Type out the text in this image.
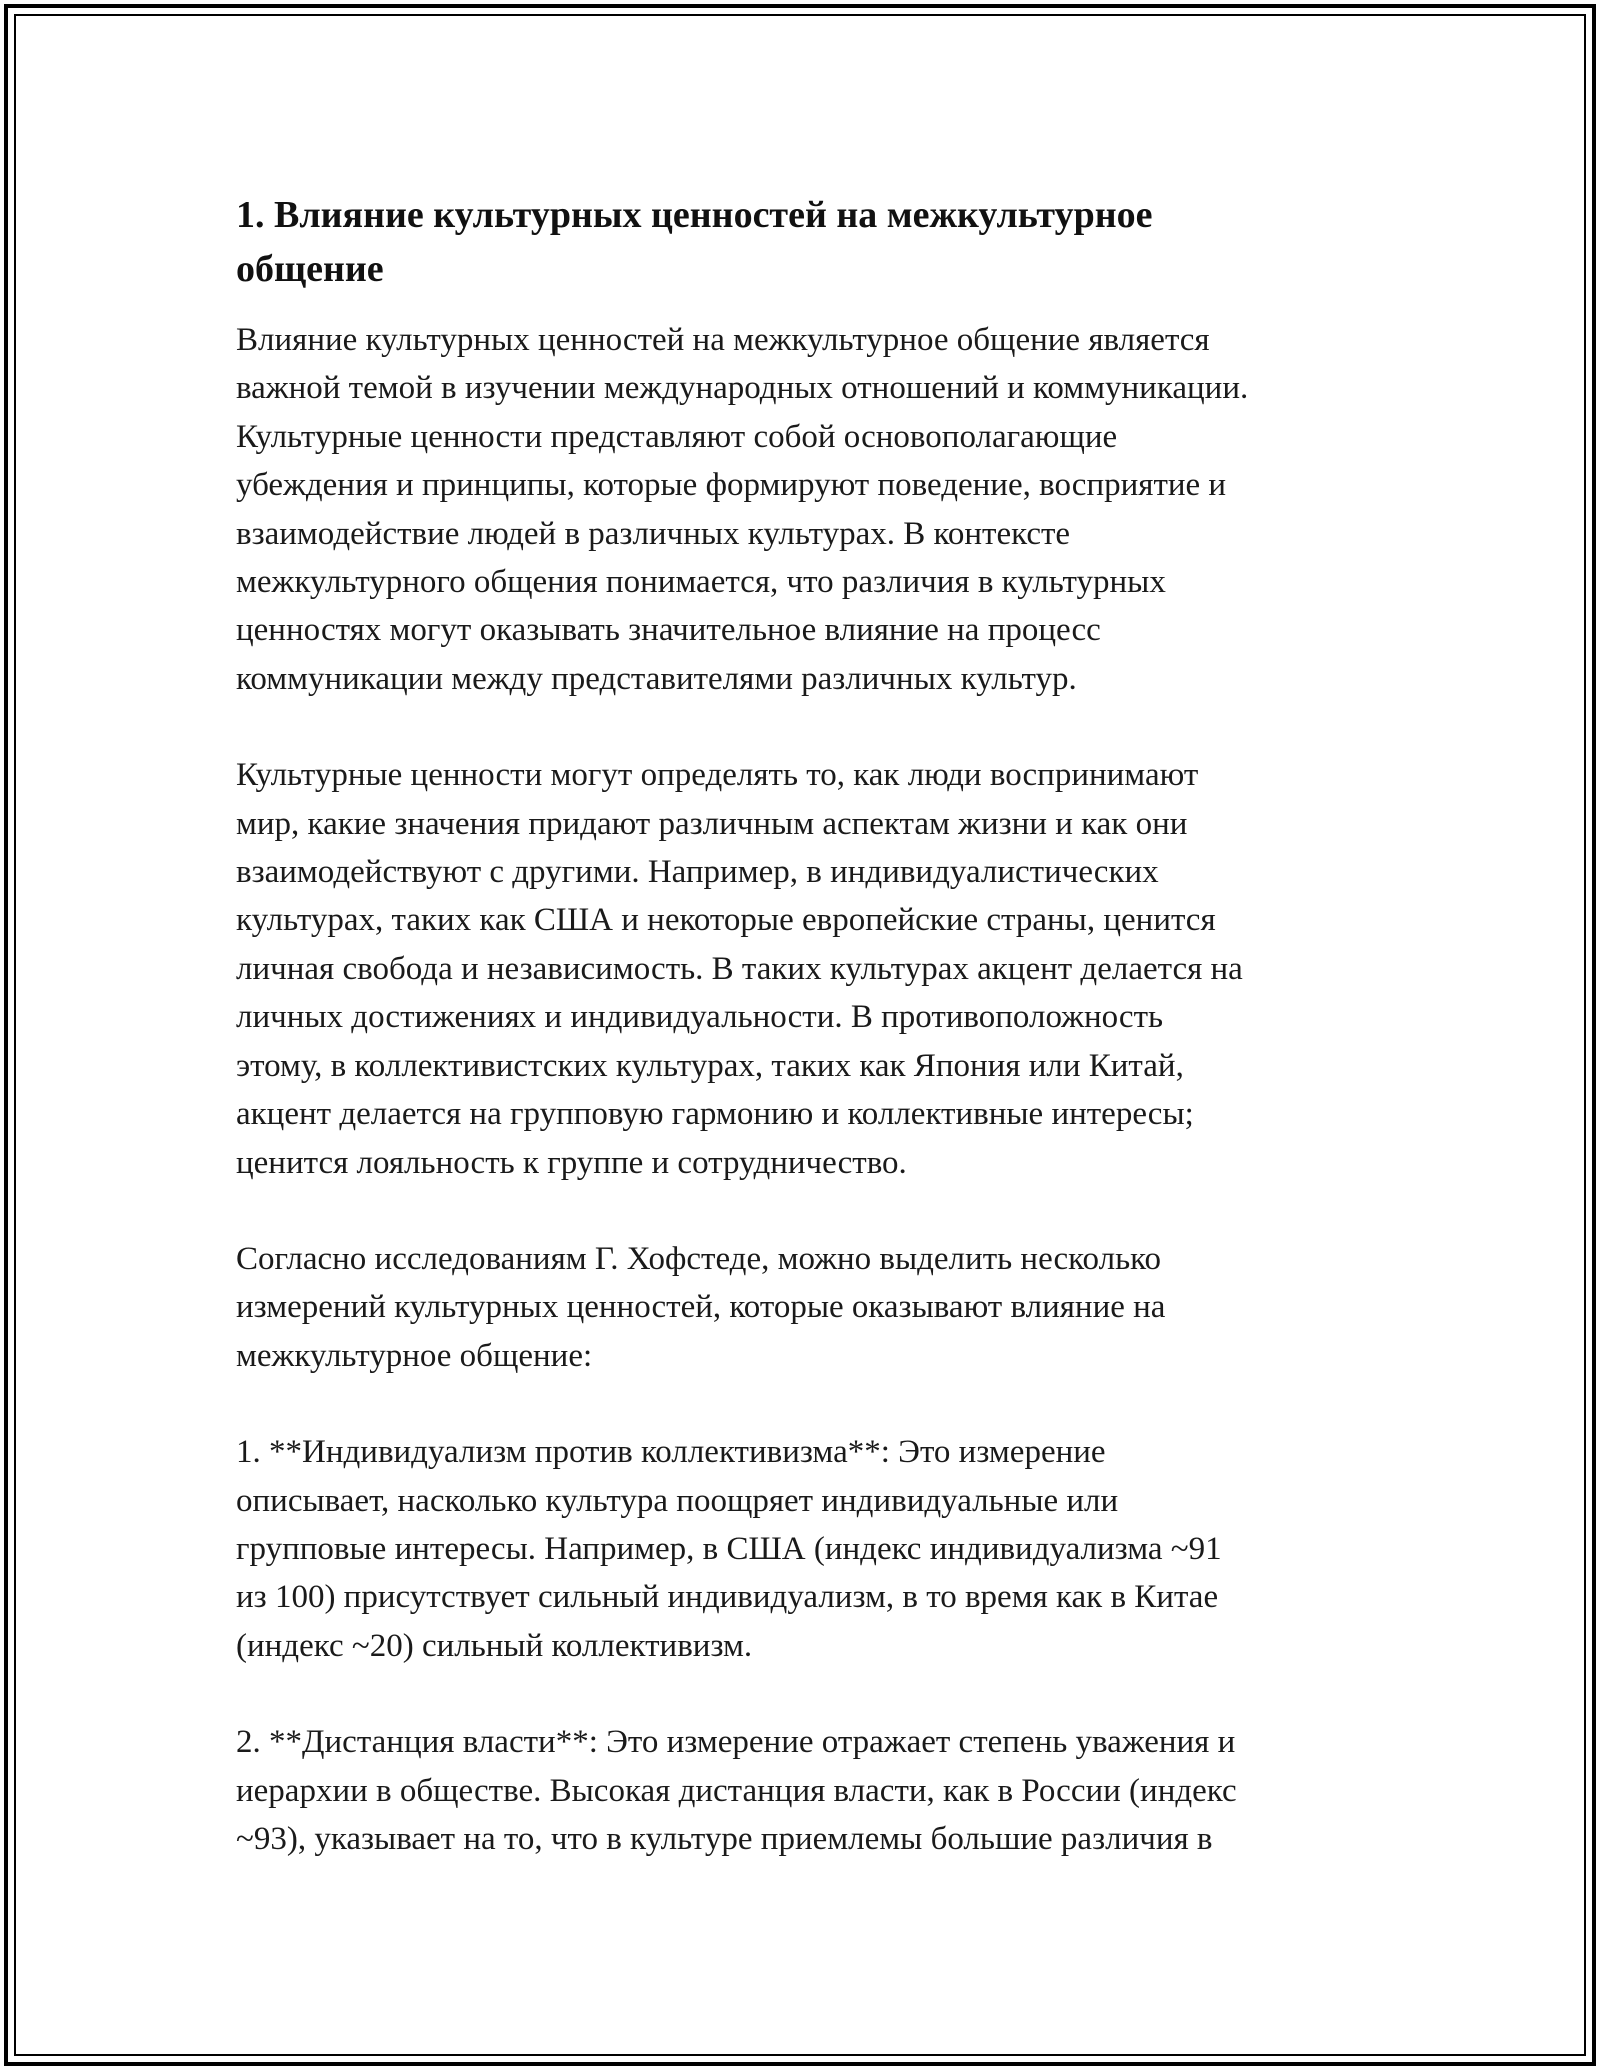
1. Влияние культурных ценностей на межкультурное
общение

Влияние культурных ценностей на межкультурное общение является
важной темой в изучении международных отношений и коммуникации.
Культурные ценности представляют собой основополагающие
убеждения и принципы, которые формируют поведение, восприятие и
взаимодействие людей в различных культурах. В контексте
межкультурного общения понимается, что различия в культурных
ценностях могут оказывать значительное влияние на процесс
коммуникации между представителями различных культур.

Культурные ценности могут определять то, как люди воспринимают
мир, какие значения придают различным аспектам жизни и как они
взаимодействуют с другими. Например, в индивидуалистических
культурах, таких как США и некоторые европейские страны, ценится
личная свобода и независимость. В таких культурах акцент делается на
личных достижениях и индивидуальности. В противоположность
этому, в коллективистских культурах, таких как Япония или Китай,
акцент делается на групповую гармонию и коллективные интересы;
ценится лояльность к группе и сотрудничество.

Согласно исследованиям Г. Хофстеде, можно выделить несколько
измерений культурных ценностей, которые оказывают влияние на
межкультурное общение:

1. **Индивидуализм против коллективизма**: Это измерение
описывает, насколько культура поощряет индивидуальные или
групповые интересы. Например, в США (индекс индивидуализма ~91
из 100) присутствует сильный индивидуализм, в то время как в Китае
(индекс ~20) сильный коллективизм.

2. **Дистанция власти**: Это измерение отражает степень уважения и
иерархии в обществе. Высокая дистанция власти, как в России (индекс
~93), указывает на то, что в культуре приемлемы большие различия в
